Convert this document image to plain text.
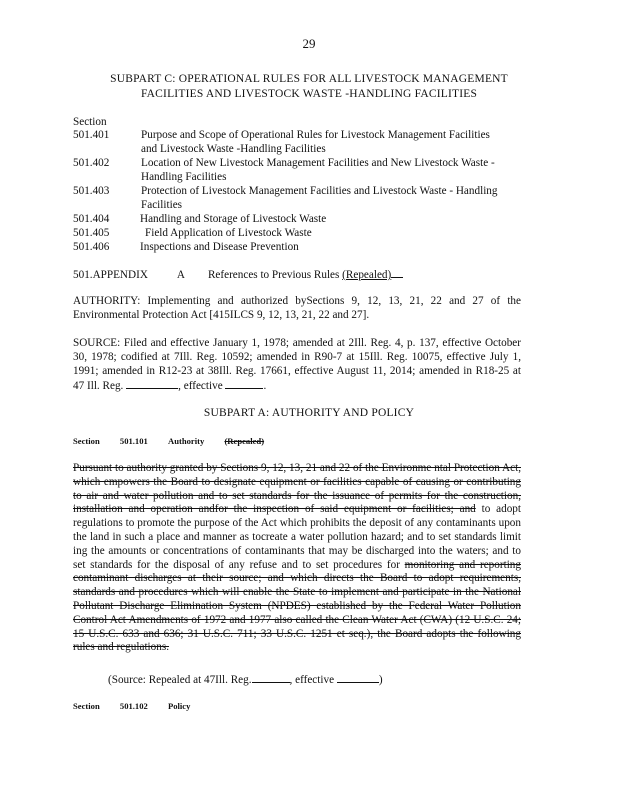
29
SUBPART C: OPERATIONAL RULES FOR ALL LIVESTOCK MANAGEMENT
FACILITIES AND LIVESTOCK WASTE -HANDLING FACILITIES
Section
501.401	Purpose and Scope of Operational Rules for Livestock Management Facilities and Livestock Waste -Handling Facilities
501.402	Location of New Livestock Management Facilities and New Livestock Waste -Handling Facilities
501.403	Protection of Livestock Management Facilities and Livestock Waste - Handling Facilities
501.404	Handling and Storage of Livestock Waste
501.405	Field Application of Livestock Waste
501.406	Inspections and Disease Prevention
501.APPENDIX	A References to Previous Rules (Repealed)
AUTHORITY: Implementing and authorized bySections 9, 12, 13, 21, 22 and 27 of the Environmental Protection Act [415ILCS 9, 12, 13, 21, 22 and 27].
SOURCE: Filed and effective January 1, 1978; amended at 2Ill. Reg. 4, p. 137, effective October 30, 1978; codified at 7Ill. Reg. 10592; amended in R90-7 at 15Ill. Reg. 10075, effective July 1, 1991; amended in R12-23 at 38Ill. Reg. 17661, effective August 11, 2014; amended in R18-25 at 47 Ill. Reg.	, effective	.
SUBPART A: AUTHORITY AND POLICY
Section 501.101 Authority (Repealed)
Pursuant to authority granted by Sections 9, 12, 13, 21 and 22 of the Environme ntal Protection Act, which empowers the Board to designate equipment or facilities capable of causing or contributing to air and water pollution and to set standards for the issuance of permits for the construction, installation and operation andfor the inspection of said equipment or facilities; and to adopt regulations to promote the purpose of the Act which prohibits the deposit of any contaminants upon the land in such a place and manner as tocreate a water pollution hazard; and to set standards limit ing the amounts or concentrations of contaminants that may be discharged into the waters; and to set standards for the disposal of any refuse and to set procedures for monitoring and reporting contaminant discharges at their source; and which directs the Board to adopt requirements, standards and procedures which will enable the State to implement and participate in the National Pollutant Discharge Elimination System (NPDES) established by the Federal Water Pollution Control Act Amendments of 1972 and 1977 also called the Clean Water Act (CWA) (12 U.S.C. 24; 15 U.S.C. 633 and 636; 31 U.S.C. 711; 33 U.S.C. 1251 et seq.), the Board adopts the following rules and regulations.
(Source: Repealed at 47Ill. Reg.	, effective	)
Section 501.102 Policy
